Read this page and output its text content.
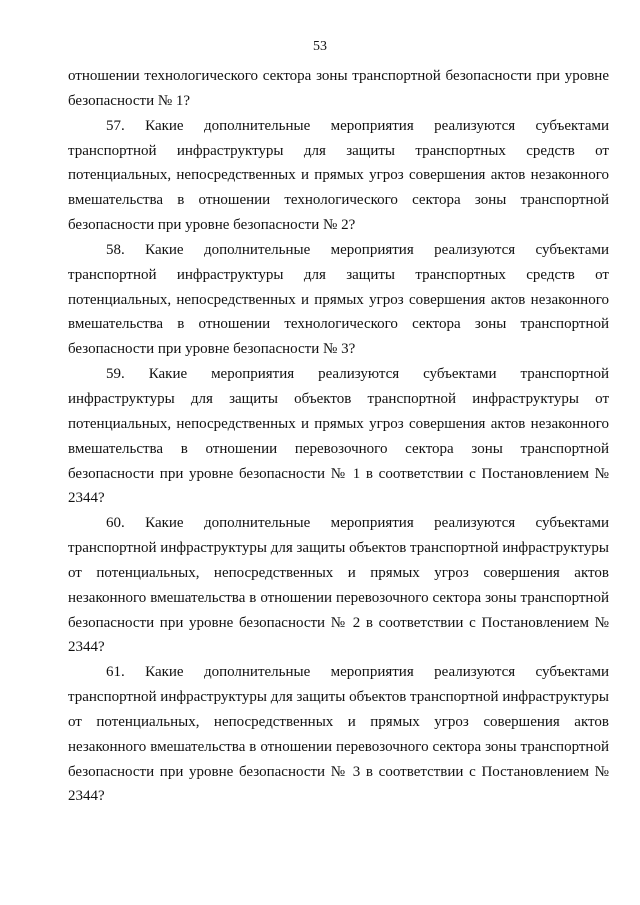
53

отношении технологического сектора зоны транспортной безопасности при уровне безопасности № 1?

57. Какие дополнительные мероприятия реализуются субъектами транспортной инфраструктуры для защиты транспортных средств от потенциальных, непосредственных и прямых угроз совершения актов незаконного вмешательства в отношении технологического сектора зоны транспортной безопасности при уровне безопасности № 2?

58. Какие дополнительные мероприятия реализуются субъектами транспортной инфраструктуры для защиты транспортных средств от потенциальных, непосредственных и прямых угроз совершения актов незаконного вмешательства в отношении технологического сектора зоны транспортной безопасности при уровне безопасности № 3?

59. Какие мероприятия реализуются субъектами транспортной инфраструктуры для защиты объектов транспортной инфраструктуры от потенциальных, непосредственных и прямых угроз совершения актов незаконного вмешательства в отношении перевозочного сектора зоны транспортной безопасности при уровне безопасности № 1 в соответствии с Постановлением № 2344?

60. Какие дополнительные мероприятия реализуются субъектами транспортной инфраструктуры для защиты объектов транспортной инфраструктуры от потенциальных, непосредственных и прямых угроз совершения актов незаконного вмешательства в отношении перевозочного сектора зоны транспортной безопасности при уровне безопасности № 2 в соответствии с Постановлением № 2344?

61. Какие дополнительные мероприятия реализуются субъектами транспортной инфраструктуры для защиты объектов транспортной инфраструктуры от потенциальных, непосредственных и прямых угроз совершения актов незаконного вмешательства в отношении перевозочного сектора зоны транспортной безопасности при уровне безопасности № 3 в соответствии с Постановлением № 2344?
